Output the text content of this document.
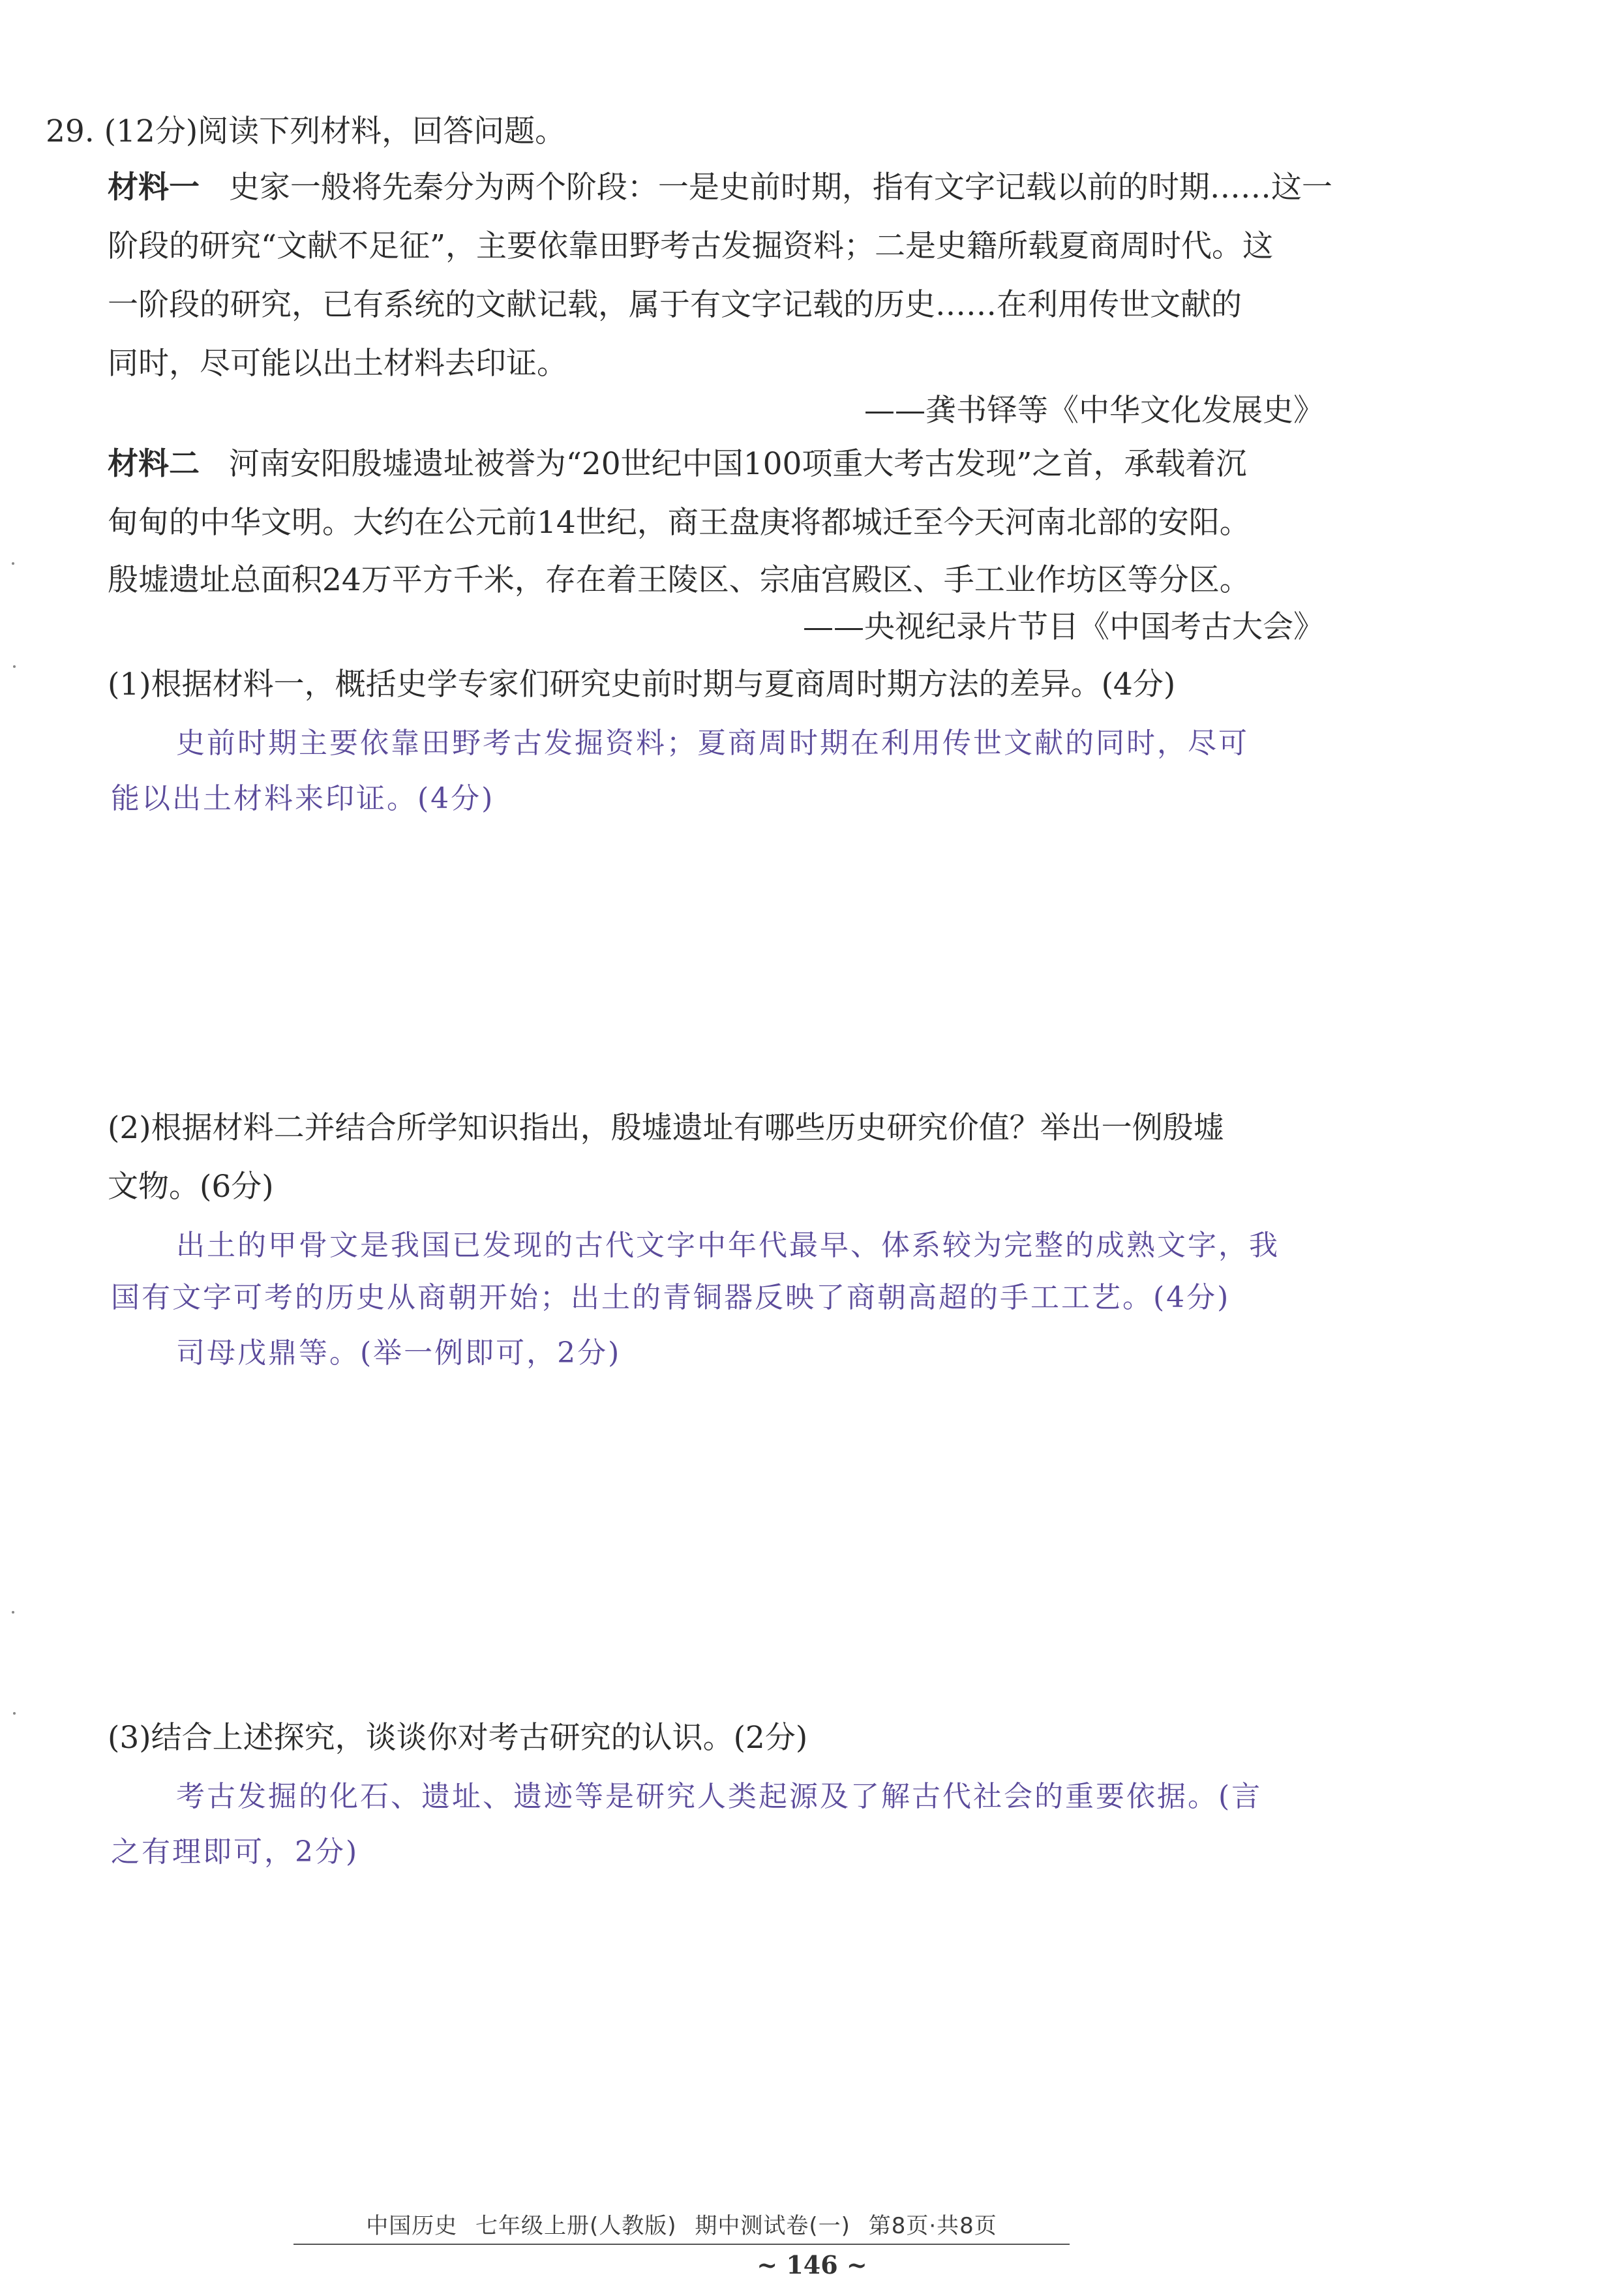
29. (12分)阅读下列材料，回答问题。
材料一 史家一般将先秦分为两个阶段：一是史前时期，指有文字记载以前的时期……这一
阶段的研究“文献不足征”，主要依靠田野考古发掘资料；二是史籍所载夏商周时代。这
一阶段的研究，已有系统的文献记载，属于有文字记载的历史……在利用传世文献的
同时，尽可能以出土材料去印证。
——龚书铎等《中华文化发展史》
材料二 河南安阳殷墟遗址被誉为“20世纪中国100项重大考古发现”之首，承载着沉
甸甸的中华文明。大约在公元前14世纪，商王盘庚将都城迁至今天河南北部的安阳。
殷墟遗址总面积24万平方千米，存在着王陵区、宗庙宫殿区、手工业作坊区等分区。
——央视纪录片节目《中国考古大会》
(1)根据材料一，概括史学专家们研究史前时期与夏商周时期方法的差异。(4分)
史前时期主要依靠田野考古发掘资料；夏商周时期在利用传世文献的同时，尽可
能以出土材料来印证。(4分)
(2)根据材料二并结合所学知识指出，殷墟遗址有哪些历史研究价值？举出一例殷墟
文物。(6分)
出土的甲骨文是我国已发现的古代文字中年代最早、体系较为完整的成熟文字，我
国有文字可考的历史从商朝开始；出土的青铜器反映了商朝高超的手工工艺。(4分)
司母戊鼎等。(举一例即可，2分)
(3)结合上述探究，谈谈你对考古研究的认识。(2分)
考古发掘的化石、遗址、遗迹等是研究人类起源及了解古代社会的重要依据。(言
之有理即可，2分)
中国历史 七年级上册(人教版) 期中测试卷(一) 第8页·共8页
~ 146 ~
